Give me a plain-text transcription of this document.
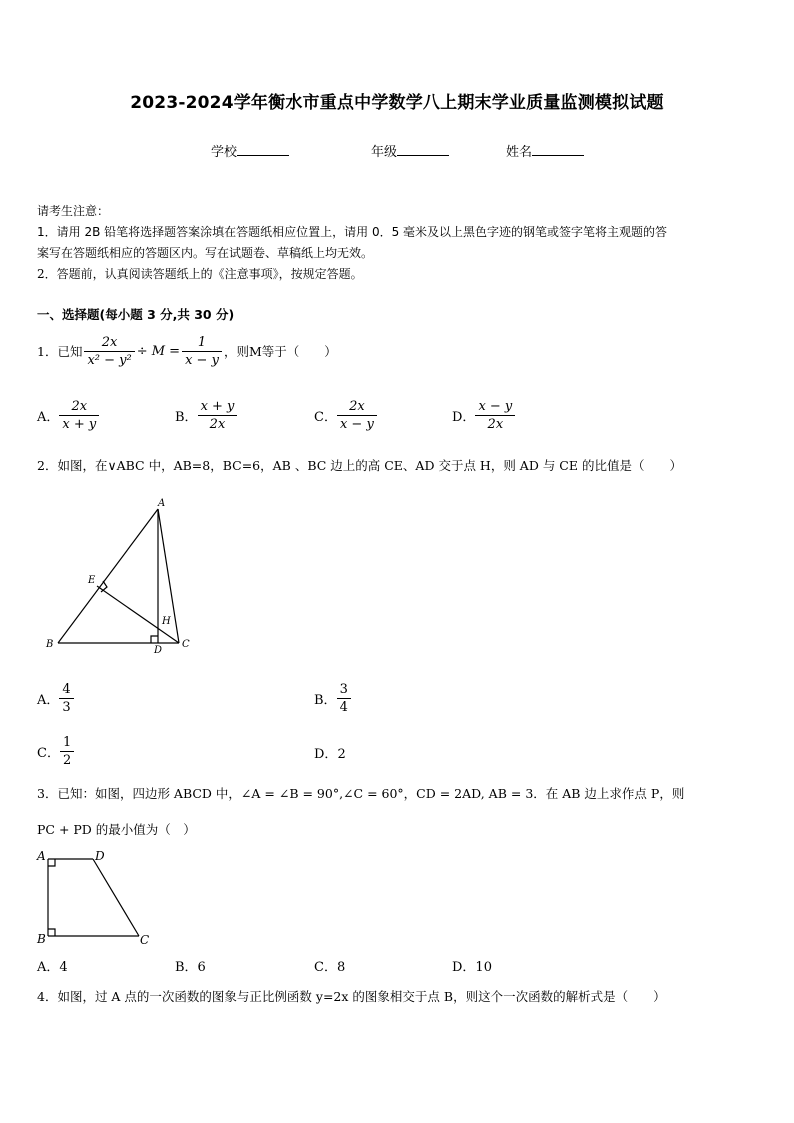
2023-2024学年衡水市重点中学数学八上期末学业质量监测模拟试题
学校	年级	姓名
请考生注意：
1．请用 2B 铅笔将选择题答案涂填在答题纸相应位置上，请用 0．5 毫米及以上黑色字迹的钢笔或签字笔将主观题的答
案写在答题纸相应的答题区内。写在试题卷、草稿纸上均无效。
2．答题前，认真阅读答题纸上的《注意事项》，按规定答题。
一、选择题(每小题 3 分,共 30 分)
1．已知 $\frac{2x}{\text{x² − y²}} \div M = \frac{1}{x - y}$ ，则M等于（　　）
A． $\frac{2x}{x + y}$	B． $\frac{x + y}{2x}$	C． $\frac{2x}{x - y}$	D． $\frac{x - y}{2x}$
2．如图，在∨ABC 中，AB=8，BC=6，AB 、BC 边上的高 CE、AD 交于点 H，则 AD 与 CE 的比值是（　　）
A
B	C
D
E
H
A． $\frac{4}{3}$	B． $\frac{3}{4}$
C． $\frac{1}{2}$	D．2
3．已知：如图，四边形 ABCD 中，∠A = ∠B = 90°,∠C = 60°，CD = 2AD, AB = 3．在 AB 边上求作点 P，则
PC + PD 的最小值为（　）
A	D
B	C
A．4	B．6	C．8	D．10
4．如图，过 A 点的一次函数的图象与正比例函数 y=2x 的图象相交于点 B，则这个一次函数的解析式是（　　）
